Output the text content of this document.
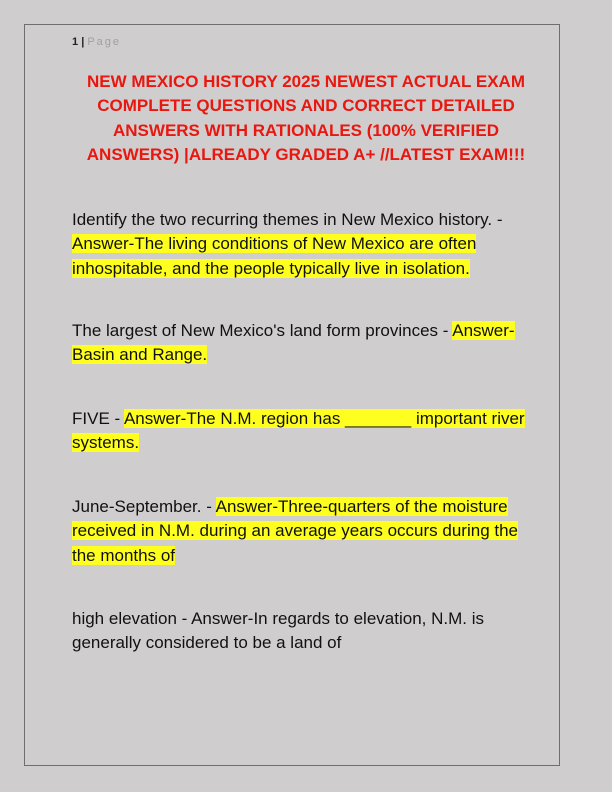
1 | Page
NEW MEXICO HISTORY 2025 NEWEST ACTUAL EXAM COMPLETE QUESTIONS AND CORRECT DETAILED ANSWERS WITH RATIONALES (100% VERIFIED ANSWERS) |ALREADY GRADED A+ //LATEST EXAM!!!
Identify the two recurring themes in New Mexico history. - Answer-The living conditions of New Mexico are often inhospitable, and the people typically live in isolation.
The largest of New Mexico's land form provinces - Answer-Basin and Range.
FIVE - Answer-The N.M. region has _______ important river systems.
June-September. - Answer-Three-quarters of the moisture received in N.M. during an average years occurs during the the months of
high elevation - Answer-In regards to elevation, N.M. is generally considered to be a land of
